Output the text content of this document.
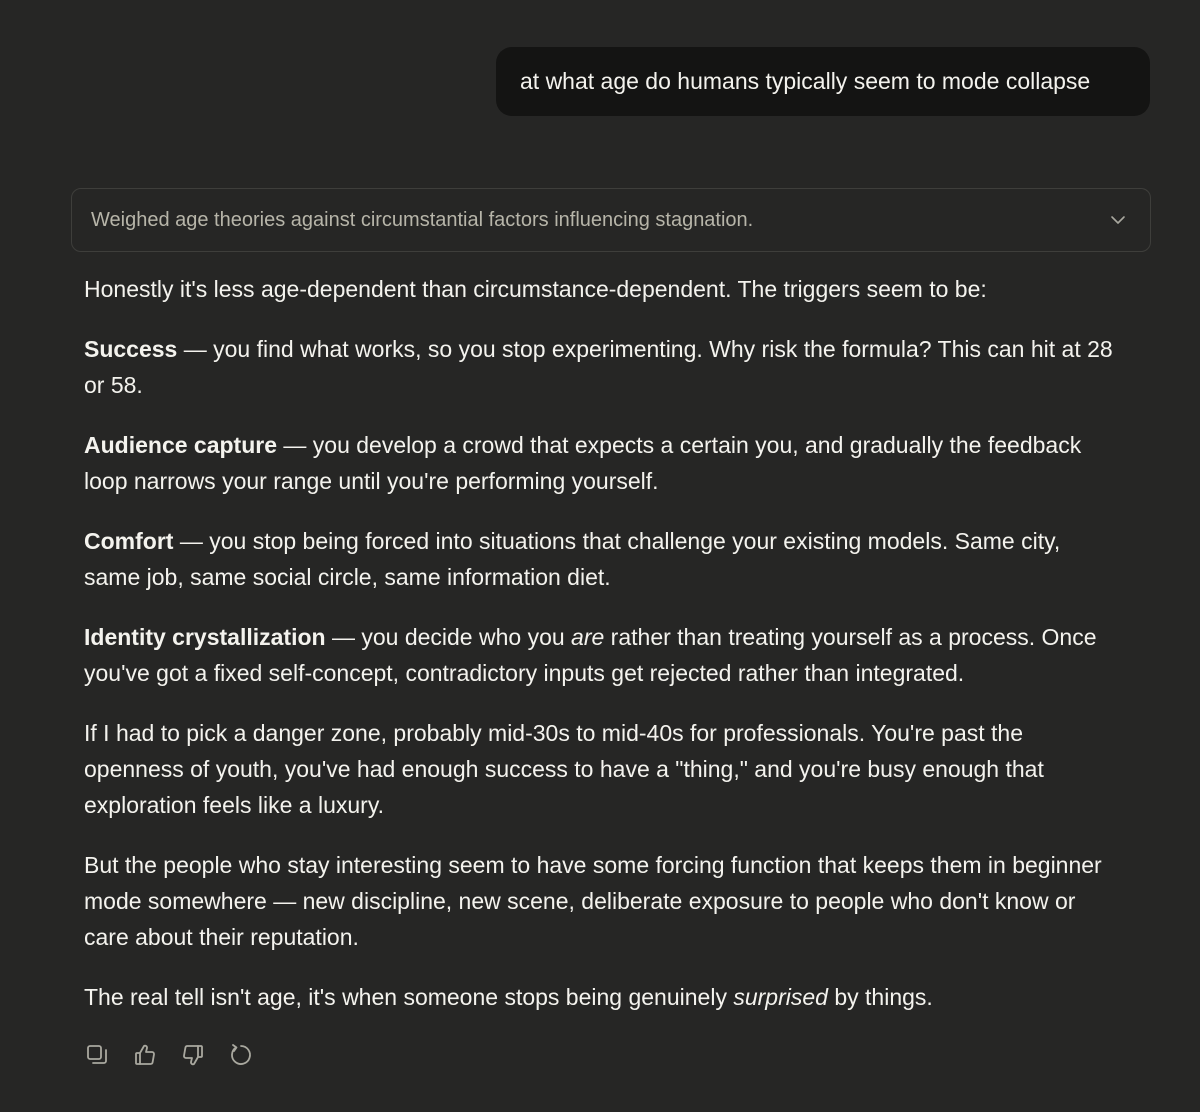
at what age do humans typically seem to mode collapse
Weighed age theories against circumstantial factors influencing stagnation.

Honestly it's less age-dependent than circumstance-dependent. The triggers seem to be:

Success — you find what works, so you stop experimenting. Why risk the formula? This can hit at 28 or 58.

Audience capture — you develop a crowd that expects a certain you, and gradually the feedback loop narrows your range until you're performing yourself.

Comfort — you stop being forced into situations that challenge your existing models. Same city, same job, same social circle, same information diet.

Identity crystallization — you decide who you are rather than treating yourself as a process. Once you've got a fixed self-concept, contradictory inputs get rejected rather than integrated.

If I had to pick a danger zone, probably mid-30s to mid-40s for professionals. You're past the openness of youth, you've had enough success to have a "thing," and you're busy enough that exploration feels like a luxury.

But the people who stay interesting seem to have some forcing function that keeps them in beginner mode somewhere — new discipline, new scene, deliberate exposure to people who don't know or care about their reputation.

The real tell isn't age, it's when someone stops being genuinely surprised by things.
